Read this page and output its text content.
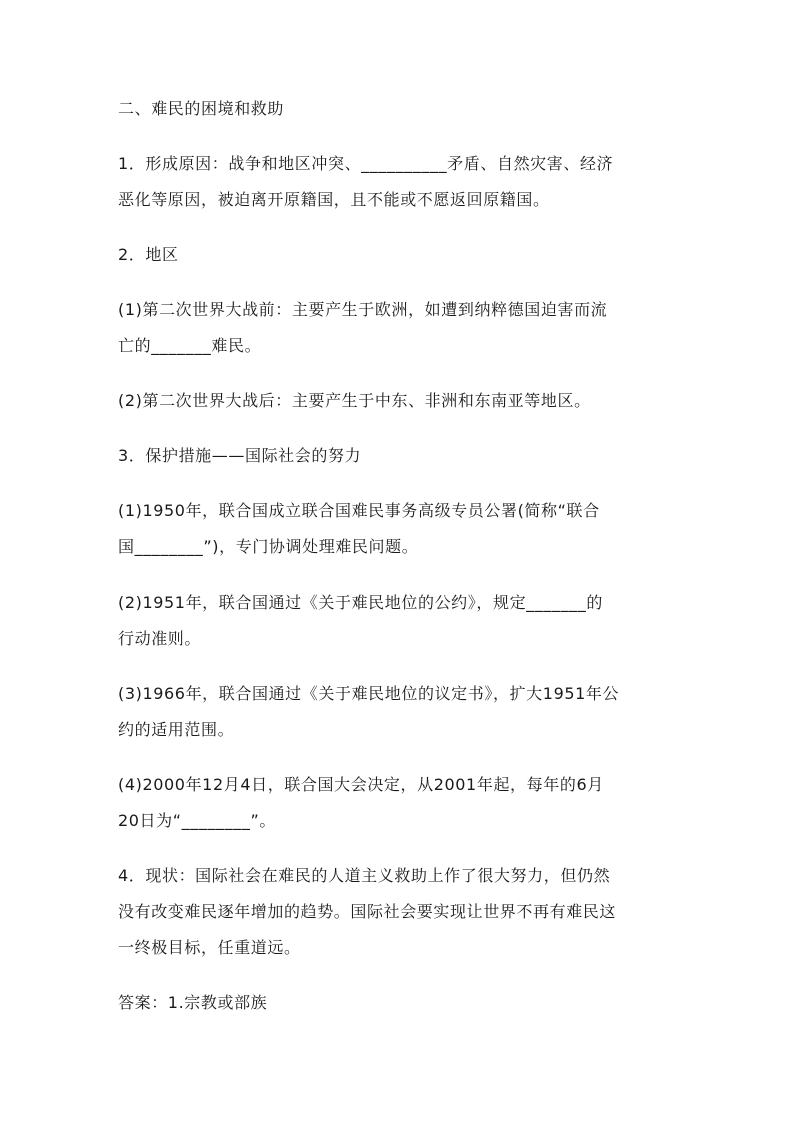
二、难民的困境和救助

1．形成原因：战争和地区冲突、__________矛盾、自然灾害、经济

恶化等原因，被迫离开原籍国，且不能或不愿返回原籍国。

2．地区

(1)第二次世界大战前：主要产生于欧洲，如遭到纳粹德国迫害而流

亡的_______难民。

(2)第二次世界大战后：主要产生于中东、非洲和东南亚等地区。

3．保护措施——国际社会的努力

(1)1950年，联合国成立联合国难民事务高级专员公署(简称“联合

国________”)，专门协调处理难民问题。

(2)1951年，联合国通过《关于难民地位的公约》，规定_______的

行动准则。

(3)1966年，联合国通过《关于难民地位的议定书》，扩大1951年公

约的适用范围。

(4)2000年12月4日，联合国大会决定，从2001年起，每年的6月

20日为“________”。

4．现状：国际社会在难民的人道主义救助上作了很大努力，但仍然

没有改变难民逐年增加的趋势。国际社会要实现让世界不再有难民这

一终极目标，任重道远。

答案：1.宗教或部族
